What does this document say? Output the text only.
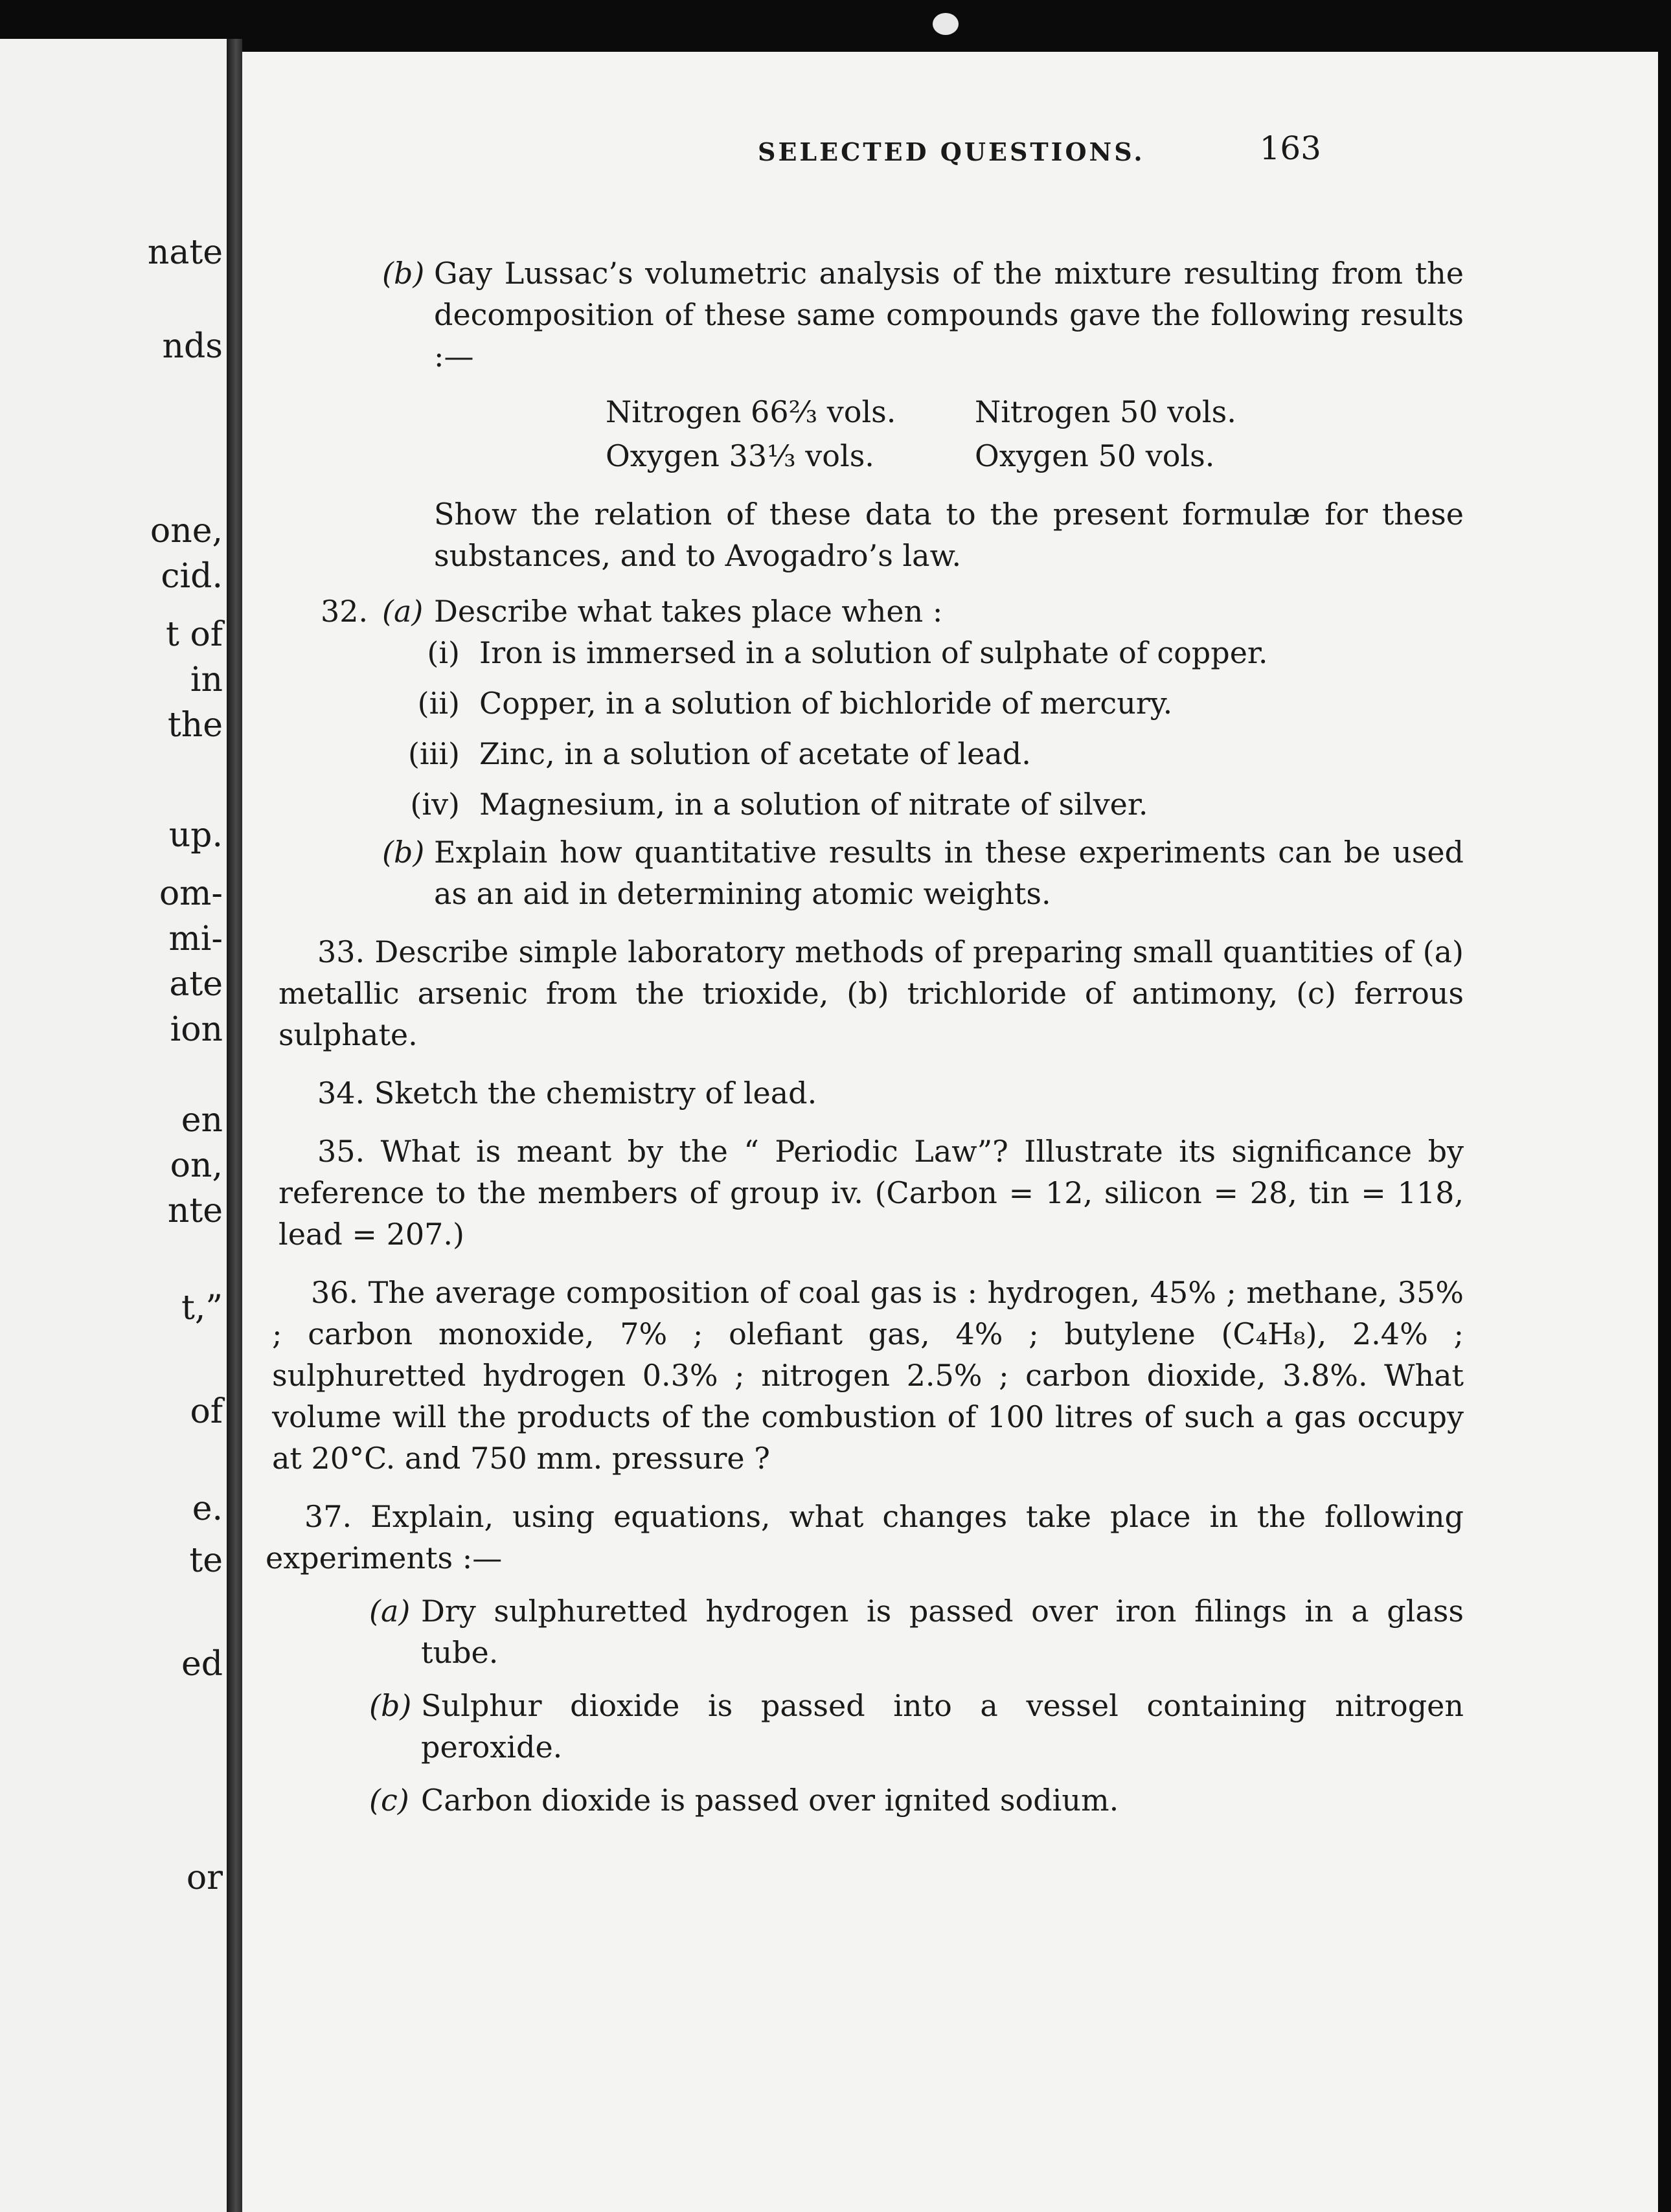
nate
nds
one,
cid.
t of
in
the
up.
om-
mi-
ate
ion
en
on,
nte
t,”
of
e.
te
ed
or
SELECTED QUESTIONS.	163
(b) Gay Lussac’s volumetric analysis of the mixture resulting from the decomposition of these same compounds gave the following results :—
Nitrogen 66⅔ vols.	Nitrogen 50 vols.
Oxygen 33⅓ vols.	Oxygen 50 vols.
Show the relation of these data to the present formulæ for these substances, and to Avogadro’s law.
32. (a) Describe what takes place when :
(i) Iron is immersed in a solution of sulphate of copper.
(ii) Copper, in a solution of bichloride of mercury.
(iii) Zinc, in a solution of acetate of lead.
(iv) Magnesium, in a solution of nitrate of silver.
(b) Explain how quantitative results in these experiments can be used as an aid in determining atomic weights.
33. Describe simple laboratory methods of preparing small quantities of (a) metallic arsenic from the trioxide, (b) trichloride of antimony, (c) ferrous sulphate.
34. Sketch the chemistry of lead.
35. What is meant by the “ Periodic Law”? Illustrate its significance by reference to the members of group iv. (Carbon = 12, silicon = 28, tin = 118, lead = 207.)
36. The average composition of coal gas is : hydrogen, 45% ; methane, 35% ; carbon monoxide, 7% ; olefiant gas, 4% ; butylene (C₄H₈), 2.4% ; sulphuretted hydrogen 0.3% ; nitrogen 2.5% ; carbon dioxide, 3.8%. What volume will the products of the combustion of 100 litres of such a gas occupy at 20°C. and 750 mm. pressure ?
37. Explain, using equations, what changes take place in the following experiments :—
(a) Dry sulphuretted hydrogen is passed over iron filings in a glass tube.
(b) Sulphur dioxide is passed into a vessel containing nitrogen peroxide.
(c) Carbon dioxide is passed over ignited sodium.
